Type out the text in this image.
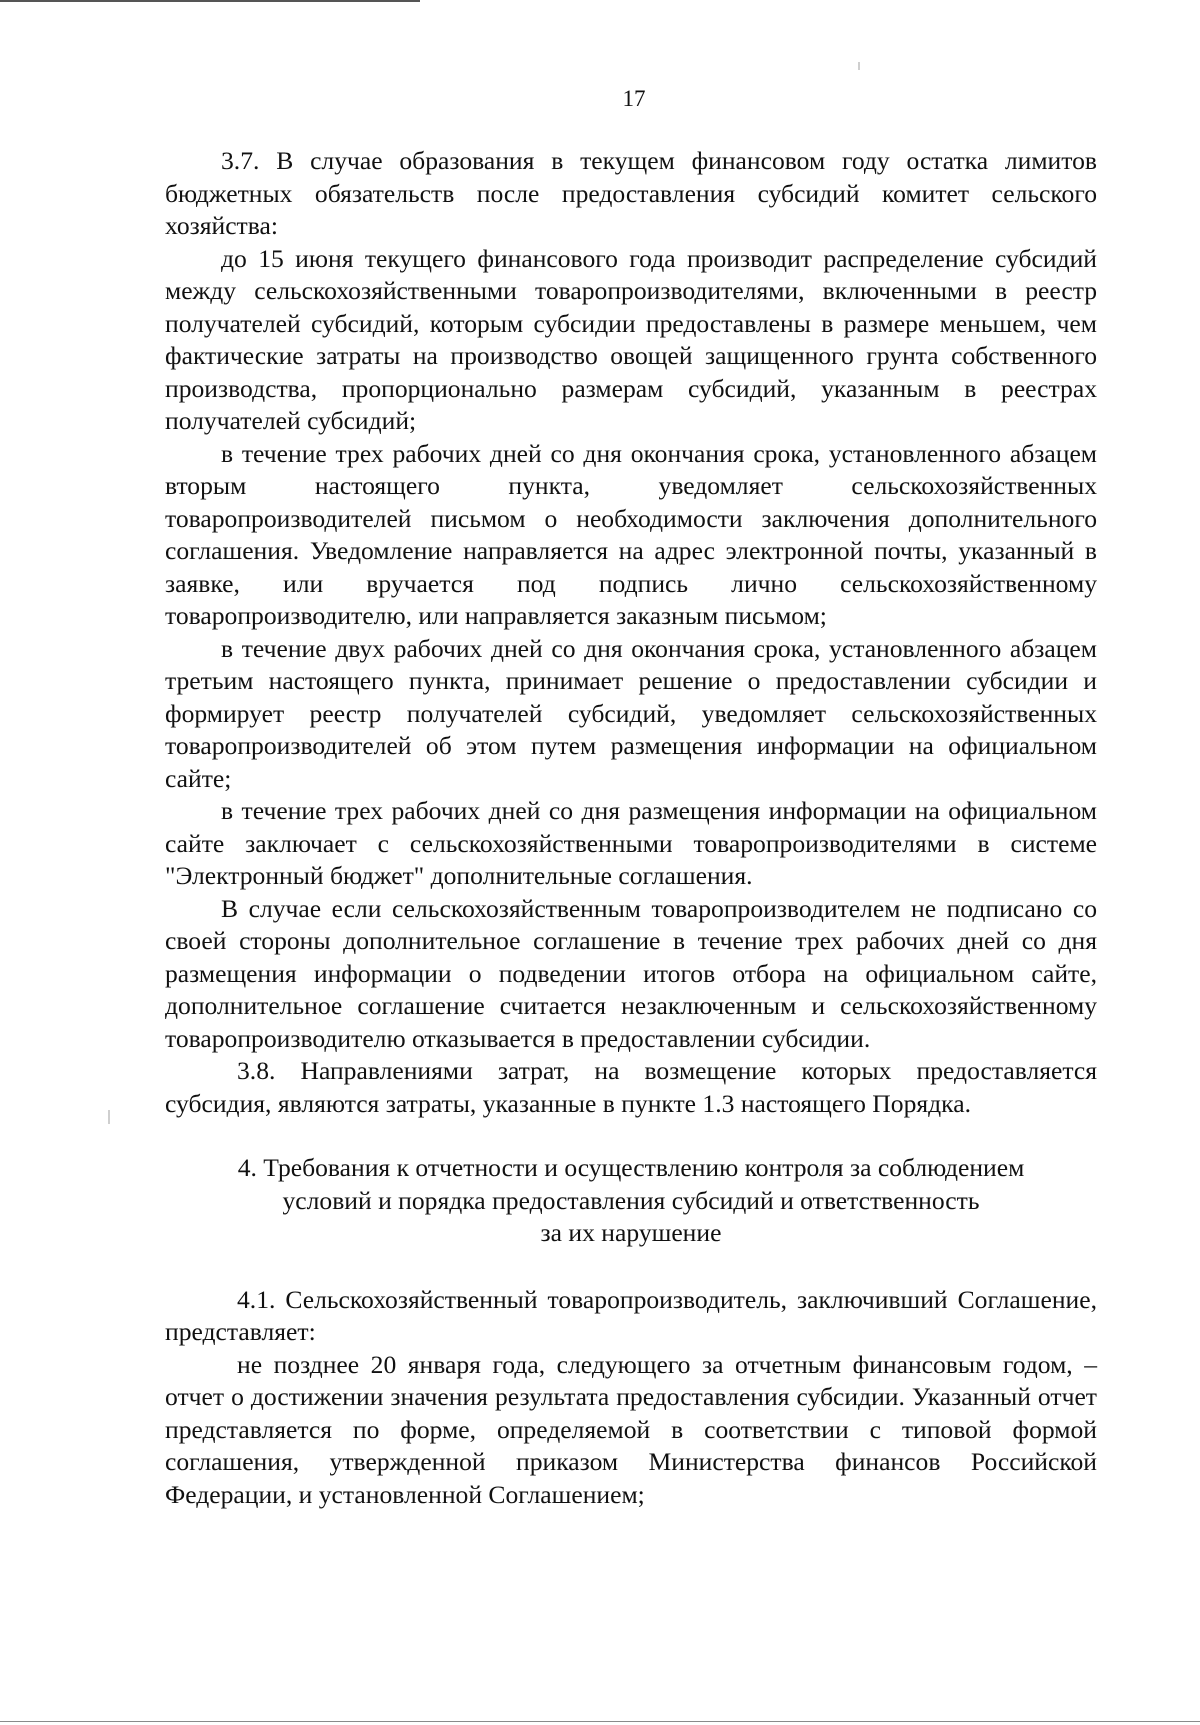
17

3.7. В случае образования в текущем финансовом году остатка лимитов бюджетных обязательств после предоставления субсидий комитет сельского хозяйства:

до 15 июня текущего финансового года производит распределение субсидий между сельскохозяйственными товаропроизводителями, включенными в реестр получателей субсидий, которым субсидии предоставлены в размере меньшем, чем фактические затраты на производство овощей защищенного грунта собственного производства, пропорционально размерам субсидий, указанным в реестрах получателей субсидий;

в течение трех рабочих дней со дня окончания срока, установленного абзацем вторым настоящего пункта, уведомляет сельскохозяйственных товаропроизводителей письмом о необходимости заключения дополнительного соглашения. Уведомление направляется на адрес электронной почты, указанный в заявке, или вручается под подпись лично сельскохозяйственному товаропроизводителю, или направляется заказным письмом;

в течение двух рабочих дней со дня окончания срока, установленного абзацем третьим настоящего пункта, принимает решение о предоставлении субсидии и формирует реестр получателей субсидий, уведомляет сельскохозяйственных товаропроизводителей об этом путем размещения информации на официальном сайте;

в течение трех рабочих дней со дня размещения информации на официальном сайте заключает с сельскохозяйственными товаропроизводителями в системе "Электронный бюджет" дополнительные соглашения.

В случае если сельскохозяйственным товаропроизводителем не подписано со своей стороны дополнительное соглашение в течение трех рабочих дней со дня размещения информации о подведении итогов отбора на официальном сайте, дополнительное соглашение считается незаключенным и сельскохозяйственному товаропроизводителю отказывается в предоставлении субсидии.

3.8. Направлениями затрат, на возмещение которых предоставляется субсидия, являются затраты, указанные в пункте 1.3 настоящего Порядка.

4. Требования к отчетности и осуществлению контроля за соблюдением
условий и порядка предоставления субсидий и ответственность
за их нарушение

4.1. Сельскохозяйственный товаропроизводитель, заключивший Соглашение, представляет:

не позднее 20 января года, следующего за отчетным финансовым годом, – отчет о достижении значения результата предоставления субсидии. Указанный отчет представляется по форме, определяемой в соответствии с типовой формой соглашения, утвержденной приказом Министерства финансов Российской Федерации, и установленной Соглашением;
